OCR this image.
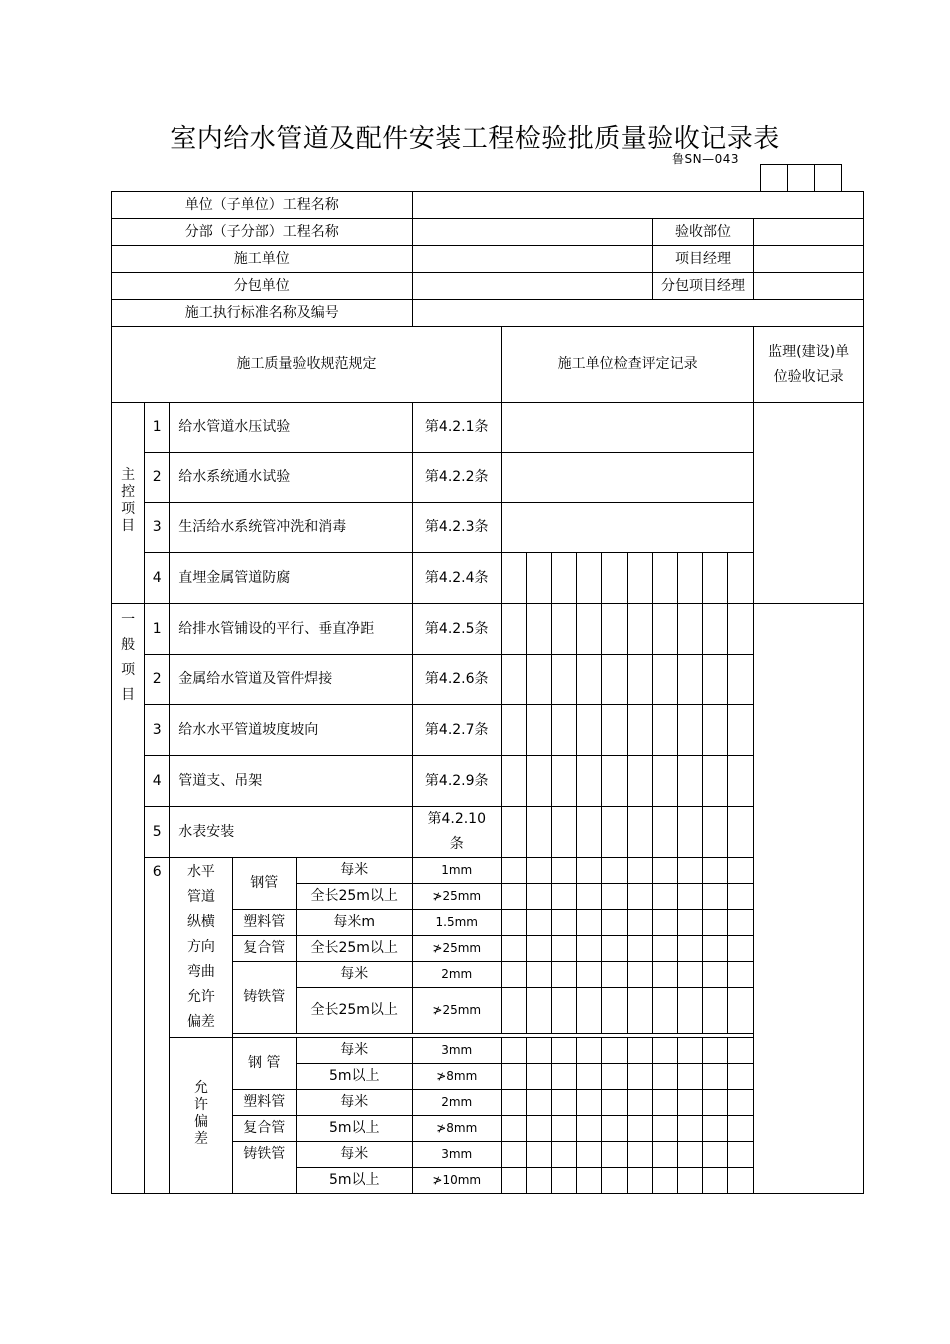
室内给水管道及配件安装工程检验批质量验收记录表
鲁SN—043

单位（子单位）工程名称																
分部（子分部）工程名称												验收部位				
施工单位												项目经理				
分包单位												分包项目经理				
施工执行标准名称及编号																
施工质量验收规范规定						施工单位检查评定记录										监理(建设)单位验收记录
主控项目	1	给水管道水压试验			第4.2.1条											
	2	给水系统通水试验			第4.2.2条											
	3	生活给水系统管冲洗和消毒			第4.2.3条											
	4	直埋金属管道防腐			第4.2.4条											
一般项目	1	给排水管铺设的平行、垂直净距			第4.2.5条											
	2	金属给水管道及管件焊接			第4.2.6条											
	3	给水水平管道坡度坡向			第4.2.7条											
	4	管道支、吊架			第4.2.9条											
	5	水表安装			第4.2.10条											
	6	水平管道纵横方向弯曲允许偏差	钢管	每米	1mm											
				全长25m以上	≯25mm											
			塑料管	每米m	1.5mm											
			复合管	全长25m以上	≯25mm											
			铸铁管	每米	2mm											
				全长25m以上	≯25mm											

		允许偏差	钢 管	每米	3mm											
				5m以上	≯8mm											
			塑料管	每米	2mm											
			复合管	5m以上	≯8mm											
			铸铁管	每米	3mm											
				5m以上	≯10mm											
